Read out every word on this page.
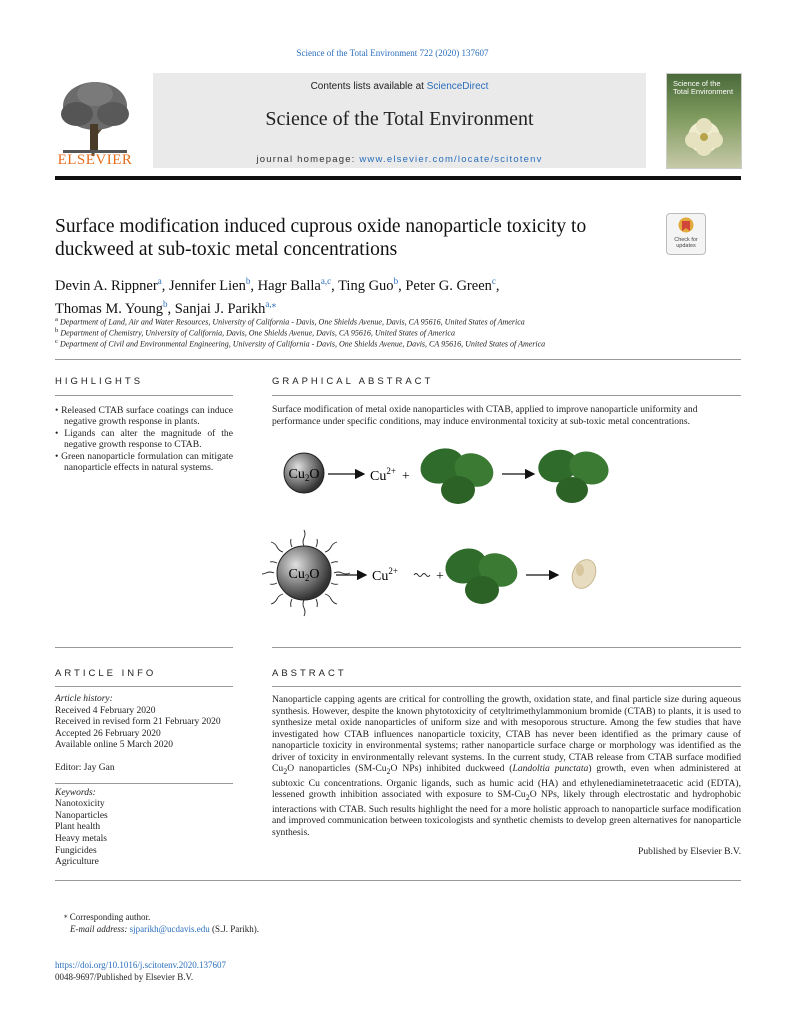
Science of the Total Environment 722 (2020) 137607
ELSEVIER
Contents lists available at ScienceDirect
Science of the Total Environment
journal homepage: www.elsevier.com/locate/scitotenv
Science of the Total Environment
Surface modification induced cuprous oxide nanoparticle toxicity to duckweed at sub-toxic metal concentrations	Check for updates
Devin A. Rippner$^a$, Jennifer Lien$^b$, Hagr Balla$^{a,c}$, Ting Guo$^b$, Peter G. Green$^c$,
Thomas M. Young$^b$, Sanjai J. Parikh$^{a,⁎}$
$^a$ Department of Land, Air and Water Resources, University of California - Davis, One Shields Avenue, Davis, CA 95616, United States of America
$^b$ Department of Chemistry, University of California, Davis, One Shields Avenue, Davis, CA 95616, United States of America
$^c$ Department of Civil and Environmental Engineering, University of California - Davis, One Shields Avenue, Davis, CA 95616, United States of America
HIGHLIGHTS
• Released CTAB surface coatings can induce negative growth response in plants.
• Ligands can alter the magnitude of the negative growth response to CTAB.
• Green nanoparticle formulation can mitigate nanoparticle effects in natural systems.
GRAPHICAL ABSTRACT
Surface modification of metal oxide nanoparticles with CTAB, applied to improve nanoparticle uniformity and performance under specific conditions, may induce environmental toxicity at sub-toxic metal concentrations.
$Cu_2O$	$Cu^{2+}$ +
$Cu_2O$	$Cu^{2+}$	+
ARTICLE INFO
Article history:
Received 4 February 2020
Received in revised form 21 February 2020
Accepted 26 February 2020
Available online 5 March 2020
Editor: Jay Gan
Keywords:
Nanotoxicity
Nanoparticles
Plant health
Heavy metals
Fungicides
Agriculture
ABSTRACT
Nanoparticle capping agents are critical for controlling the growth, oxidation state, and final particle size during aqueous synthesis. However, despite the known phytotoxicity of cetyltrimethylammonium bromide (CTAB) to plants, it is used to synthesize metal oxide nanoparticles of uniform size and with mesoporous structure. Among the few studies that have investigated how CTAB influences nanoparticle toxicity, CTAB has never been identified as the primary cause of nanoparticle toxicity in environmental systems; rather nanoparticle surface charge or morphology was identified as the driver of toxicity in environmentally relevant systems. In the current study, CTAB release from CTAB surface modified $Cu_2O$ nanoparticles ($SM-Cu_2O$ NPs) inhibited duckweed (Landoltia punctata) growth, even when administered at subtoxic Cu concentrations. Organic ligands, such as humic acid (HA) and ethylenediaminetetraacetic acid (EDTA), lessened growth inhibition associated with exposure to $SM-Cu_2O$ NPs, likely through electrostatic and hydrophobic interactions with CTAB. Such results highlight the need for a more holistic approach to nanoparticle surface modification and improved communication between toxicologists and synthetic chemists to develop green alternatives for nanoparticle synthesis.
Published by Elsevier B.V.
⁎ Corresponding author.
E-mail address: sjparikh@ucdavis.edu (S.J. Parikh).
https://doi.org/10.1016/j.scitotenv.2020.137607
0048-9697/Published by Elsevier B.V.
